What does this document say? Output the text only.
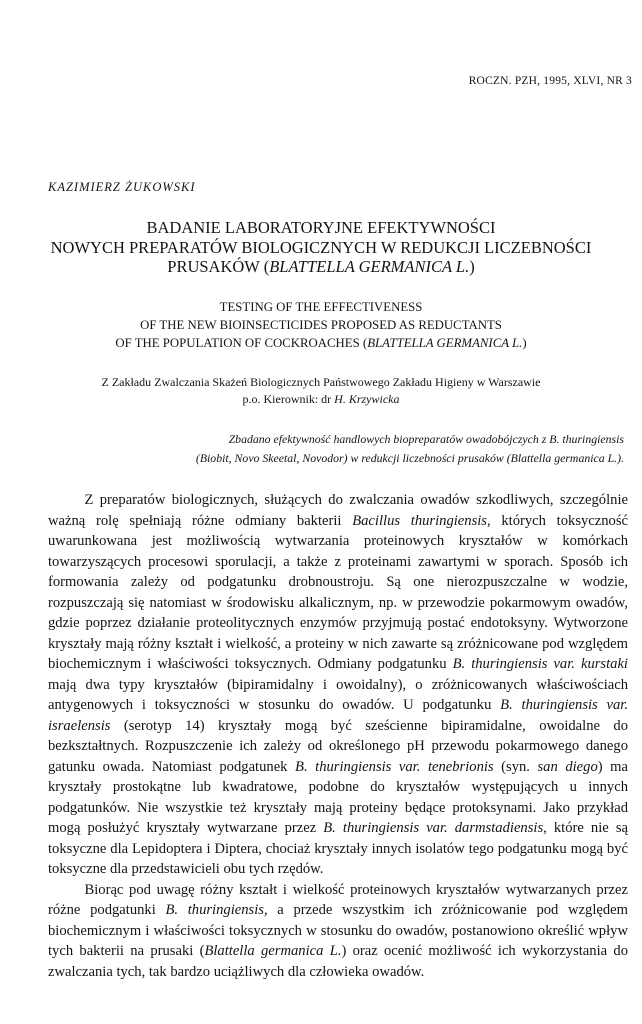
ROCZN. PZH, 1995, XLVI, NR 3
KAZIMIERZ ŻUKOWSKI
BADANIE LABORATORYJNE EFEKTYWNOŚCI
NOWYCH PREPARATÓW BIOLOGICZNYCH W REDUKCJI LICZEBNOŚCI
PRUSAKÓW (BLATTELLA GERMANICA L.)
TESTING OF THE EFFECTIVENESS
OF THE NEW BIOINSECTICIDES PROPOSED AS REDUCTANTS
OF THE POPULATION OF COCKROACHES (BLATTELLA GERMANICA L.)
Z Zakładu Zwalczania Skażeń Biologicznych Państwowego Zakładu Higieny w Warszawie
p.o. Kierownik: dr H. Krzywicka
Zbadano efektywność handlowych biopreparatów owadobójczych z B. thuringiensis
(Biobit, Novo Skeetal, Novodor) w redukcji liczebności prusaków (Blattella germanica L.).

Z preparatów biologicznych, służących do zwalczania owadów szkodliwych, szczególnie ważną rolę spełniają różne odmiany bakterii Bacillus thuringiensis, których toksyczność uwarunkowana jest możliwością wytwarzania proteinowych kryształów w komórkach towarzyszących procesowi sporulacji, a także z proteinami zawartymi w sporach. Sposób ich formowania zależy od podgatunku drobnoustroju. Są one nierozpuszczalne w wodzie, rozpuszczają się natomiast w środowisku alkalicznym, np. w przewodzie pokarmowym owadów, gdzie poprzez działanie proteolitycznych enzymów przyjmują postać endotoksyny. Wytworzone kryształy mają różny kształt i wielkość, a proteiny w nich zawarte są zróżnicowane pod względem biochemicznym i właściwości toksycznych. Odmiany podgatunku B. thuringiensis var. kurstaki mają dwa typy kryształów (bipiramidalny i owoidalny), o zróżnicowanych właściwościach antygenowych i toksyczności w stosunku do owadów. U podgatunku B. thuringiensis var. israelensis (serotyp 14) kryształy mogą być sześcienne bipiramidalne, owoidalne do bezkształtnych. Rozpuszczenie ich zależy od określonego pH przewodu pokarmowego danego gatunku owada. Natomiast podgatunek B. thuringiensis var. tenebrionis (syn. san diego) ma kryształy prostokątne lub kwadratowe, podobne do kryształów występujących u innych podgatunków. Nie wszystkie też kryształy mają proteiny będące protoksynami. Jako przykład mogą posłużyć kryształy wytwarzane przez B. thuringiensis var. darmstadiensis, które nie są toksyczne dla Lepidoptera i Diptera, chociaż kryształy innych isolatów tego podgatunku mogą być toksyczne dla przedstawicieli obu tych rzędów.

Biorąc pod uwagę różny kształt i wielkość proteinowych kryształów wytwarzanych przez różne podgatunki B. thuringiensis, a przede wszystkim ich zróżnicowanie pod względem biochemicznym i właściwości toksycznych w stosunku do owadów, postanowiono określić wpływ tych bakterii na prusaki (Blattella germanica L.) oraz ocenić możliwość ich wykorzystania do zwalczania tych, tak bardzo uciążliwych dla człowieka owadów.
